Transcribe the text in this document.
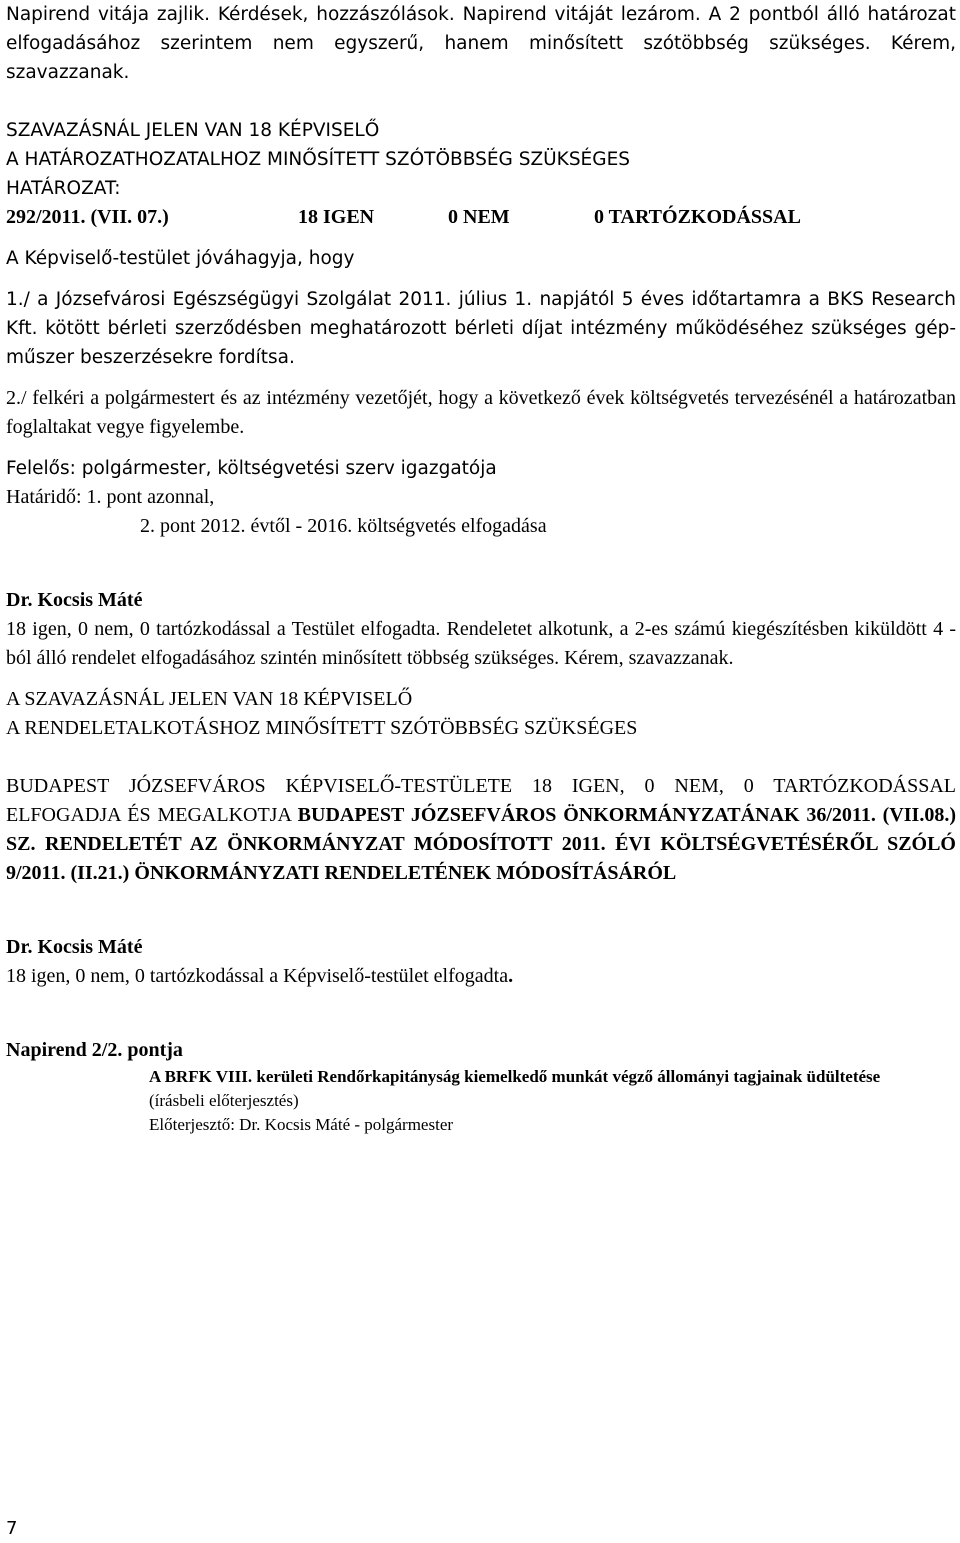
Napirend vitája zajlik. Kérdések, hozzászólások. Napirend vitáját lezárom. A 2 pontból álló határozat elfogadásához szerintem nem egyszerű, hanem minősített szótöbbség szükséges. Kérem, szavazzanak.

SZAVAZÁSNÁL JELEN VAN 18 KÉPVISELŐ

A HATÁROZATHOZATALHOZ MINŐSÍTETT SZÓTÖBBSÉG SZÜKSÉGES

HATÁROZAT:

292/2011. (VII. 07.)	18 IGEN	0 NEM	0 TARTÓZKODÁSSAL

A Képviselő-testület jóváhagyja, hogy

1./ a Józsefvárosi Egészségügyi Szolgálat 2011. július 1. napjától 5 éves időtartamra a BKS Research Kft. kötött bérleti szerződésben meghatározott bérleti díjat intézmény működéséhez szükséges gép-műszer beszerzésekre fordítsa.

2./ felkéri a polgármestert és az intézmény vezetőjét, hogy a következő évek költségvetés tervezésénél a határozatban foglaltakat vegye figyelembe.

Felelős: polgármester, költségvetési szerv igazgatója

Határidő: 1. pont azonnal,

2. pont 2012. évtől - 2016. költségvetés elfogadása

Dr. Kocsis Máté

18 igen, 0 nem, 0 tartózkodással a Testület elfogadta. Rendeletet alkotunk, a 2-es számú kiegészítésben kiküldött 4 -ból álló rendelet elfogadásához szintén minősített többség szükséges. Kérem, szavazzanak.

A SZAVAZÁSNÁL JELEN VAN 18 KÉPVISELŐ

A RENDELETALKOTÁSHOZ MINŐSÍTETT SZÓTÖBBSÉG SZÜKSÉGES

BUDAPEST JÓZSEFVÁROS KÉPVISELŐ-TESTÜLETE 18 IGEN, 0 NEM, 0 TARTÓZKODÁSSAL ELFOGADJA ÉS MEGALKOTJA BUDAPEST JÓZSEFVÁROS ÖNKORMÁNYZATÁNAK 36/2011. (VII.08.) SZ. RENDELETÉT AZ ÖNKORMÁNYZAT MÓDOSÍTOTT 2011. ÉVI KÖLTSÉGVETÉSÉRŐL SZÓLÓ 9/2011. (II.21.) ÖNKORMÁNYZATI RENDELETÉNEK MÓDOSÍTÁSÁRÓL

Dr. Kocsis Máté

18 igen, 0 nem, 0 tartózkodással a Képviselő-testület elfogadta.

Napirend 2/2. pontja

A BRFK VIII. kerületi Rendőrkapitányság kiemelkedő munkát végző állományi tagjainak üdültetése

(írásbeli előterjesztés)

Előterjesztő: Dr. Kocsis Máté - polgármester

7
